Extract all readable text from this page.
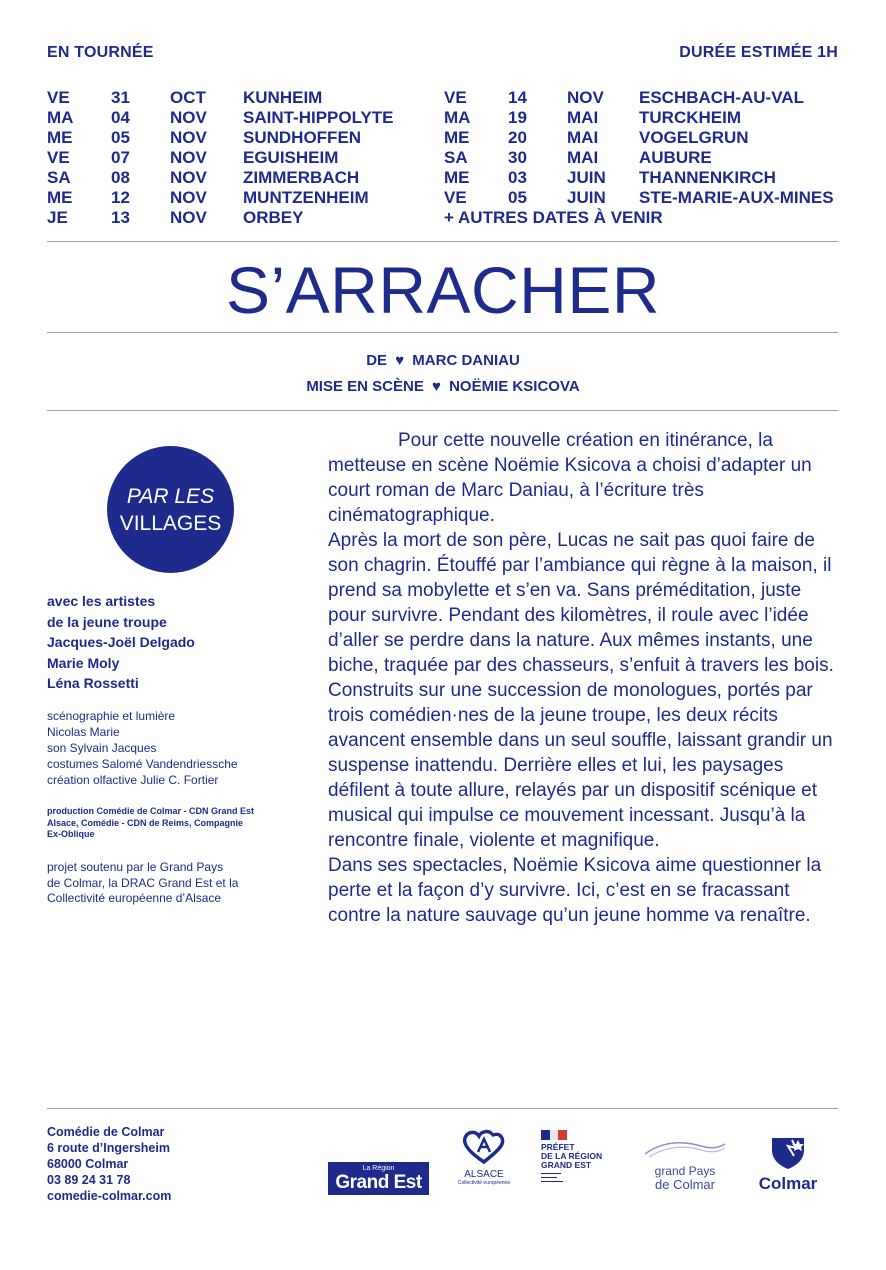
EN TOURNÉE	DURÉE ESTIMÉE 1H
VE 31 OCT KUNHEIM
MA 04 NOV SAINT-HIPPOLYTE
ME 05 NOV SUNDHOFFEN
VE 07 NOV EGUISHEIM
SA 08 NOV ZIMMERBACH
ME 12 NOV MUNTZENHEIM
JE	13 NOV ORBEY
VE 14 NOV ESCHBACH-AU-VAL
MA 19 MAI TURCKHEIM
ME 20 MAI VOGELGRUN
SA 30 MAI AUBURE
ME 03 JUIN THANNENKIRCH
VE 05 JUIN STE-MARIE-AUX-MINES
+ AUTRES DATES À VENIR
S’ARRACHER
DE ♥ MARC DANIAU
MISE EN SCÈNE ♥ NOËMIE KSICOVA
PAR LES
VILLAGES
avec les artistes
de la jeune troupe
Jacques-Joël Delgado
Marie Moly
Léna Rossetti
scénographie et lumière
Nicolas Marie
son Sylvain Jacques
costumes Salomé Vandendriessche
création olfactive Julie C. Fortier
production Comédie de Colmar - CDN Grand Est
Alsace, Comédie - CDN de Reims, Compagnie
Ex-Oblique
projet soutenu par le Grand Pays
de Colmar, la DRAC Grand Est et la
Collectivité européenne d’Alsace

Pour cette nouvelle création en itinérance, la metteuse en scène Noëmie Ksicova a choisi d’adapter un court roman de Marc Daniau, à l’écriture très cinématographique.

Après la mort de son père, Lucas ne sait pas quoi faire de son chagrin. Étouffé par l’ambiance qui règne à la maison, il prend sa mobylette et s’en va. Sans préméditation, juste pour survivre. Pendant des kilomètres, il roule avec l’idée d’aller se perdre dans la nature. Aux mêmes instants, une biche, traquée par des chasseurs, s’enfuit à travers les bois. Construits sur une succession de monologues, portés par trois comédien·nes de la jeune troupe, les deux récits avancent ensemble dans un seul souffle, laissant grandir un suspense inattendu. Derrière elles et lui, les paysages défilent à toute allure, relayés par un dispositif scénique et musical qui impulse ce mouvement incessant. Jusqu’à la rencontre finale, violente et magnifique.

Dans ses spectacles, Noëmie Ksicova aime questionner la perte et la façon d’y survivre. Ici, c’est en se fracassant contre la nature sauvage qu’un jeune homme va renaître.

Comédie de Colmar
6 route d’Ingersheim
68000 Colmar
03 89 24 31 78
comedie-colmar.com
La Région
Grand Est	ALSACE
Collectivité européenne
PRÉFET
DE LA RÉGION
GRAND EST	grand Pays
de Colmar	Colmar
